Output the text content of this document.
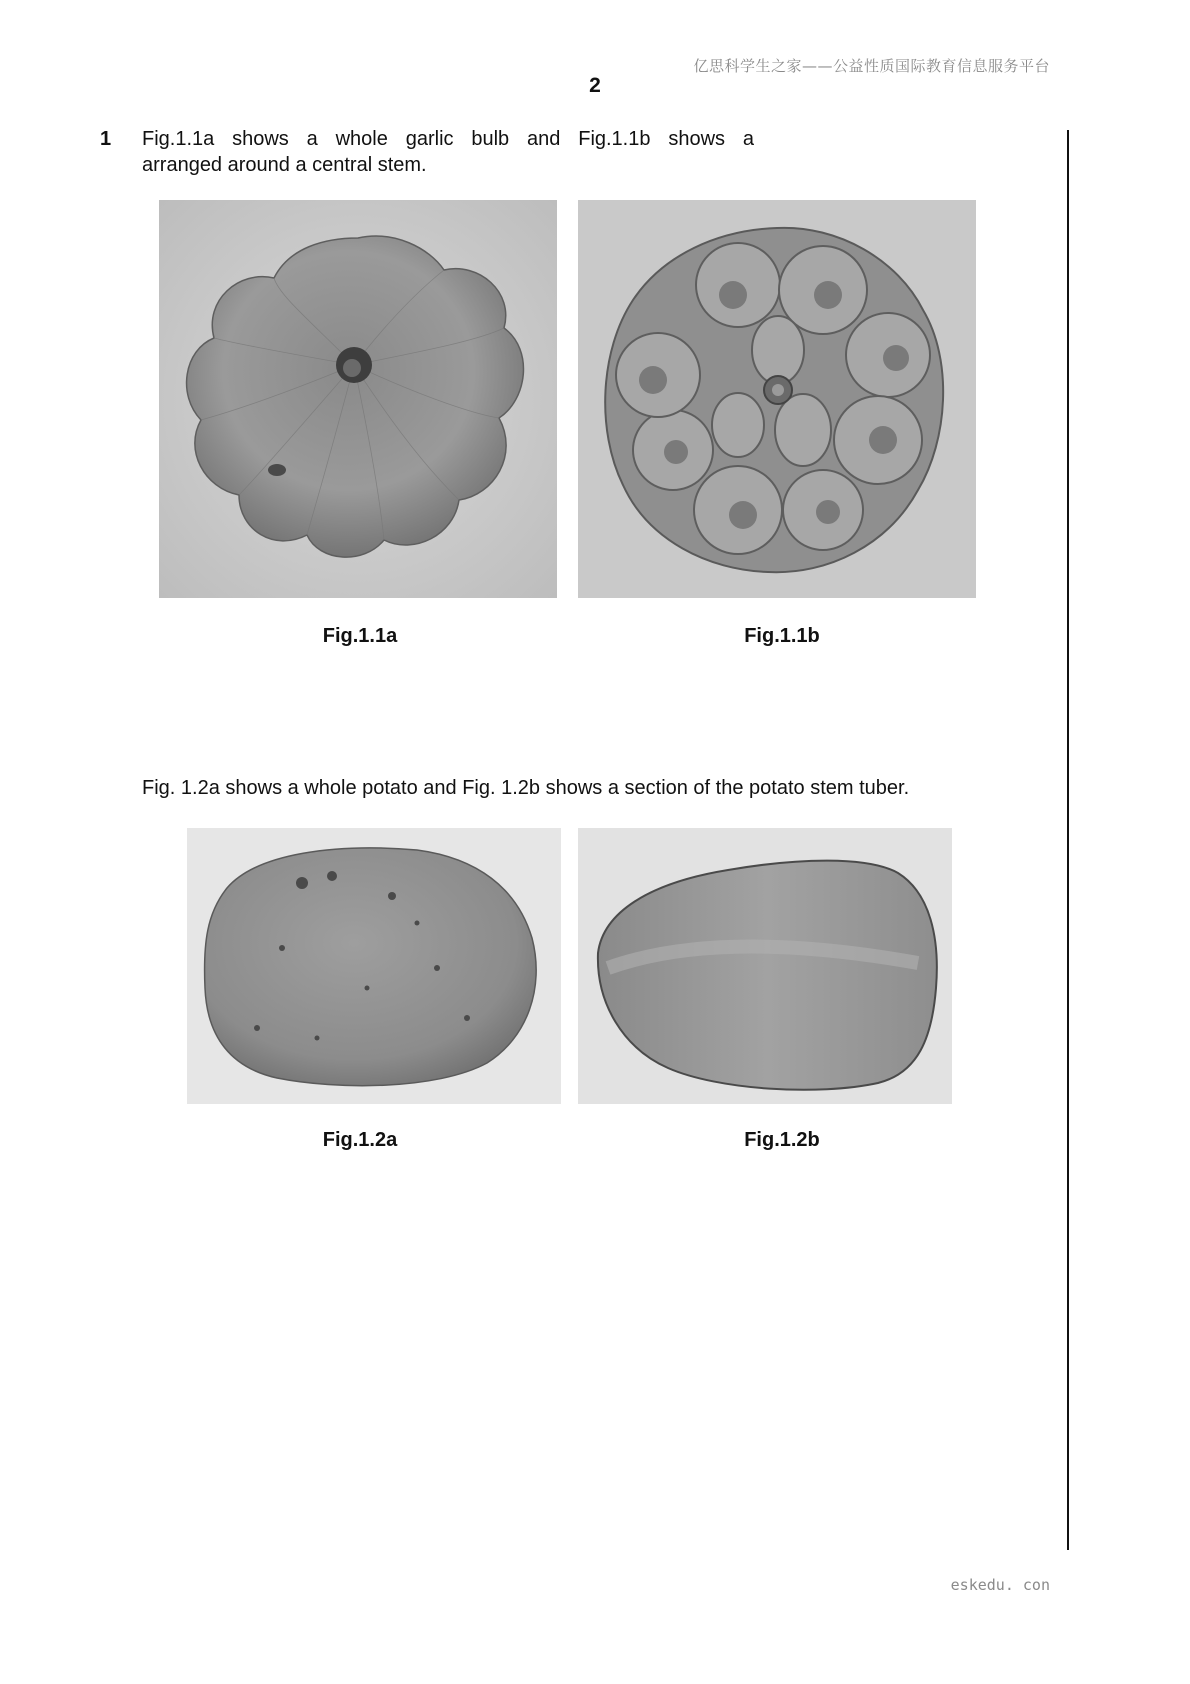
亿思科学生之家——公益性质国际教育信息服务平台
2
1 Fig.1.1a shows a whole garlic bulb and Fig.1.1b shows a
arranged around a central stem.
Fig.1.1a	Fig.1.1b
Fig. 1.2a shows a whole potato and Fig. 1.2b shows a section of the potato stem tuber.
Fig.1.2a	Fig.1.2b
eskedu. con
